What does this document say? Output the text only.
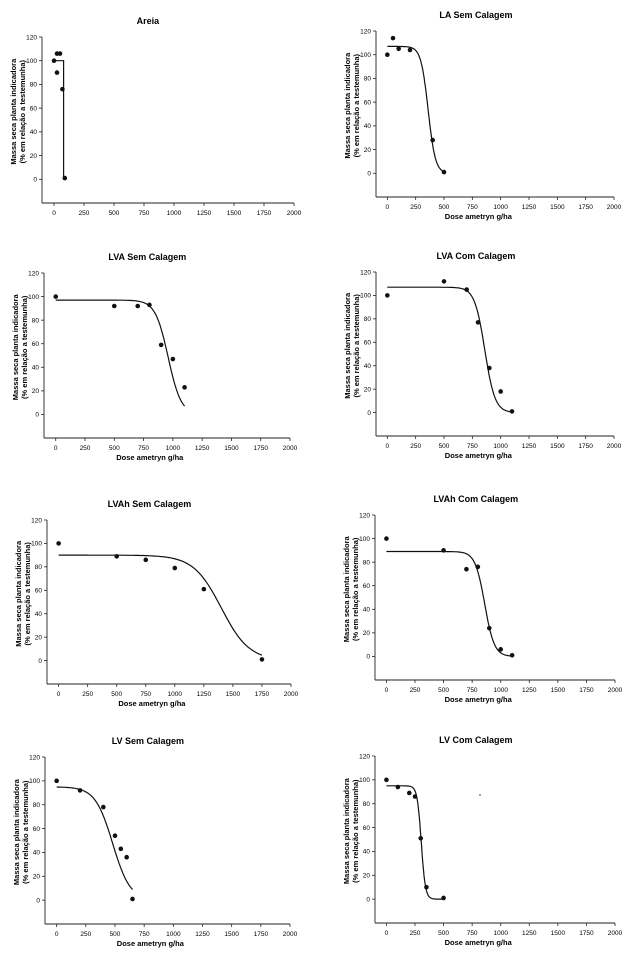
0
20
40
60
80
100
120
0	250	500	750	1000 1250 1500 1750 2000
Areia
Massa seca planta indicadora (% em relação a testemunha)
0
20
40
60
80
100
120
0	250	500	750 1000 1250 1500 1750 2000
LA Sem Calagem
Dose ametryn g/ha
Massa seca planta indicadora (% em relação a testemunha)
0
20
40
60
80
100
120
0	250	500	750	1000 1250 1500 1750 2000
LVA Sem Calagem
Dose ametryn g/ha
Massa seca planta indicadora (% em relação a testemunha)
0
20
40
60
80
100
120
0	250	500	750 1000 1250 1500 1750 2000
LVA Com Calagem
Dose ametryn g/ha
Massa seca planta indicadora (% em relação a testemunha)
0
20
40
60
80
100
120
0	250	500	750	1000 1250 1500 1750 2000
LVAh Sem Calagem
Dose ametryn g/ha
Massa seca planta indicadora (% em relação a testemunha)
0
20
40
60
80
100
120
0	250	500	750 1000 1250 1500 1750 2000
LVAh Com Calagem
Dose ametryn g/ha
Massa seca planta indicadora (% em relação a testemunha)
0
20
40
60
80
100
120
0	250	500	750	1000 1250 1500 1750 2000
LV Sem Calagem
Dose ametryn g/ha
Massa seca planta indicadora (% em relação a testemunha)
0
20
40
60
80
100
120
0	250	500	750 1000 1250 1500 1750 2000
LV Com Calagem
Dose ametryn g/ha
Massa seca planta indicadora (% em relação a testemunha)
